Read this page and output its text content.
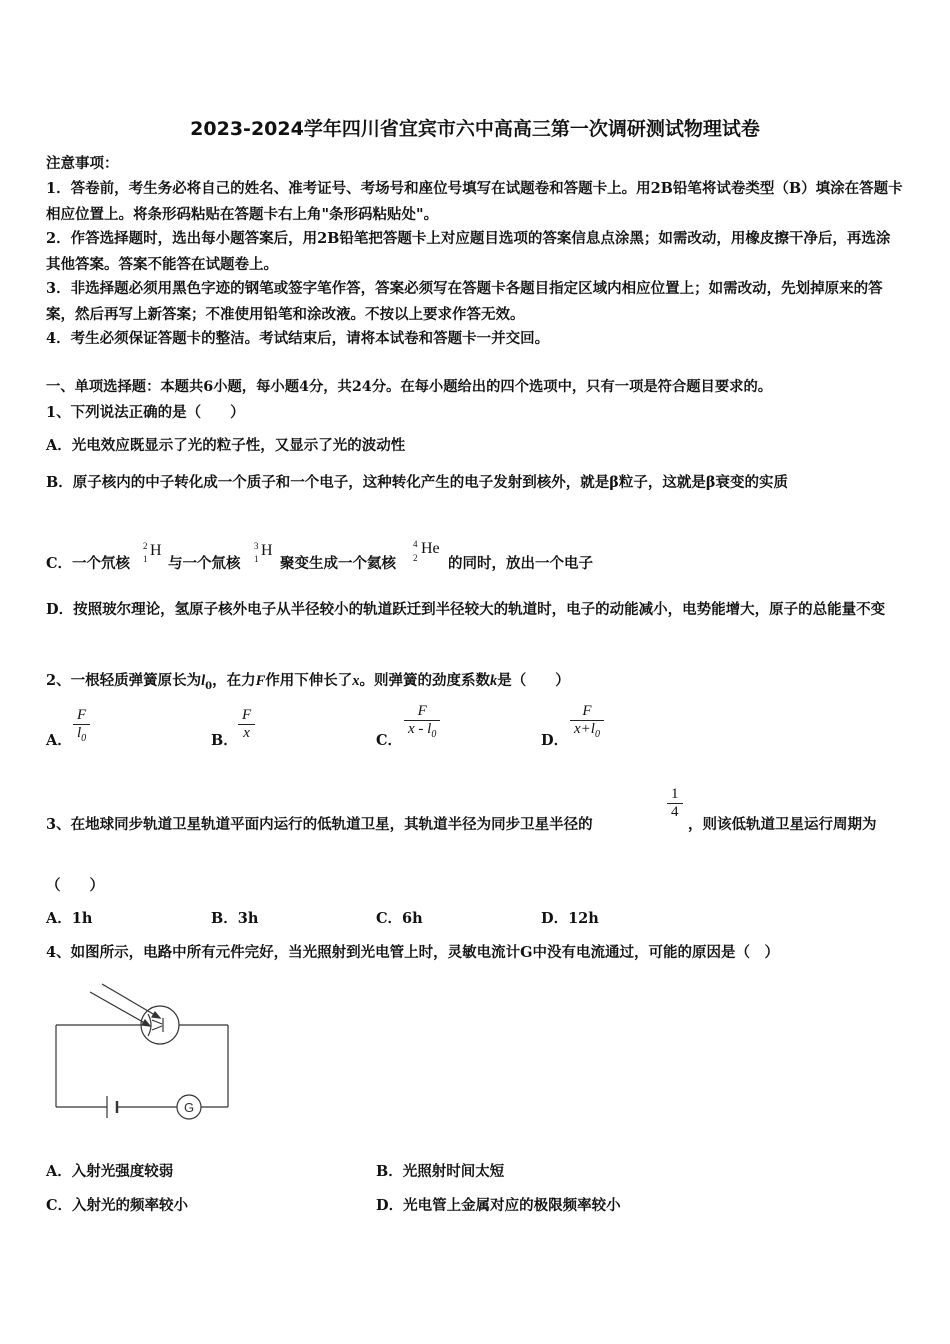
2023-2024学年四川省宜宾市六中高高三第一次调研测试物理试卷
注意事项：
1．答卷前，考生务必将自己的姓名、准考证号、考场号和座位号填写在试题卷和答题卡上。用2B铅笔将试卷类型（B）填涂在答题卡相应位置上。将条形码粘贴在答题卡右上角"条形码粘贴处"。
2．作答选择题时，选出每小题答案后，用2B铅笔把答题卡上对应题目选项的答案信息点涂黑；如需改动，用橡皮擦干净后，再选涂其他答案。答案不能答在试题卷上。
3．非选择题必须用黑色字迹的钢笔或签字笔作答，答案必须写在答题卡各题目指定区域内相应位置上；如需改动，先划掉原来的答案，然后再写上新答案；不准使用铅笔和涂改液。不按以上要求作答无效。
4．考生必须保证答题卡的整洁。考试结束后，请将本试卷和答题卡一并交回。
一、单项选择题：本题共6小题，每小题4分，共24分。在每小题给出的四个选项中，只有一项是符合题目要求的。
1、下列说法正确的是（　　）
A．光电效应既显示了光的粒子性，又显示了光的波动性
B．原子核内的中子转化成一个质子和一个电子，这种转化产生的电子发射到核外，就是β粒子，这就是β衰变的实质
C．一个氘核
2
1 H
与一个氚核
3
1 H
聚变生成一个氦核
4
2
He
的同时，放出一个电子
D．按照玻尔理论，氢原子核外电子从半径较小的轨道跃迁到半径较大的轨道时，电子的动能减小，电势能增大，原子的总能量不变
2、一根轻质弹簧原长为$l_0$，在力F作用下伸长了x。则弹簧的劲度系数k是（　　）
A．
F
$l_0$	B．
F
x	C．
F
x - $l_0$	D．
F
$x+l_0$
3、在地球同步轨道卫星轨道平面内运行的低轨道卫星，其轨道半径为同步卫星半径的
1
4
，则该低轨道卫星运行周期为
（　　）
A．1h	B．3h	C．6h	D．12h
4、如图所示，电路中所有元件完好，当光照射到光电管上时，灵敏电流计G中没有电流通过，可能的原因是（　）
G
A．入射光强度较弱	B．光照射时间太短
C．入射光的频率较小	D．光电管上金属对应的极限频率较小
